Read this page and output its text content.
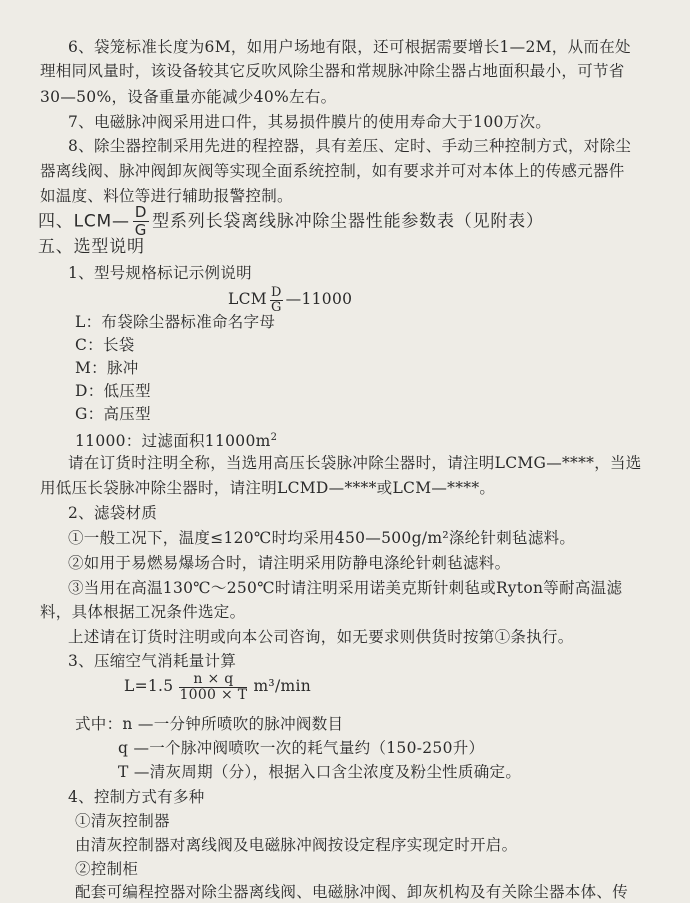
6、袋笼标准长度为6M，如用户场地有限，还可根据需要增长1—2M，从而在处
理相同风量时，该设备较其它反吹风除尘器和常规脉冲除尘器占地面积最小，可节省
30—50%，设备重量亦能减少40%左右。
7、电磁脉冲阀采用进口件，其易损件膜片的使用寿命大于100万次。
8、除尘器控制采用先进的程控器，具有差压、定时、手动三种控制方式，对除尘
器离线阀、脉冲阀卸灰阀等实现全面系统控制，如有要求并可对本体上的传感元器件
如温度、料位等进行辅助报警控制。
四、LCM— $\frac{D}{G}$ 型系列长袋离线脉冲除尘器性能参数表（见附表）
五、选型说明
1、型号规格标记示例说明
LCM $\frac{D}{G}$ —11000
L：布袋除尘器标准命名字母
C：长袋
M：脉冲
D：低压型
G：高压型
11000：过滤面积$11000m^2$
请在订货时注明全称，当选用高压长袋脉冲除尘器时，请注明LCMG—****，当选
用低压长袋脉冲除尘器时，请注明LCMD—****或LCM—****。
2、滤袋材质
①一般工况下，温度≤120℃时均采用450—500g/m²涤纶针刺毡滤料。
②如用于易燃易爆场合时，请注明采用防静电涤纶针刺毡滤料。
③当用在高温130℃～250℃时请注明采用诺美克斯针刺毡或Ryton等耐高温滤
料，具体根据工况条件选定。
上述请在订货时注明或向本公司咨询，如无要求则供货时按第①条执行。
3、压缩空气消耗量计算
$L=1.5 \frac{n \times q}{1000 \times T} m^3/\min$
式中：n —一分钟所喷吹的脉冲阀数目
q —一个脉冲阀喷吹一次的耗气量约（150-250升）
T —清灰周期（分），根据入口含尘浓度及粉尘性质确定。
4、控制方式有多种
①清灰控制器
由清灰控制器对离线阀及电磁脉冲阀按设定程序实现定时开启。
②控制柜
配套可编程控器对除尘器离线阀、电磁脉冲阀、卸灰机构及有关除尘器本体、传
